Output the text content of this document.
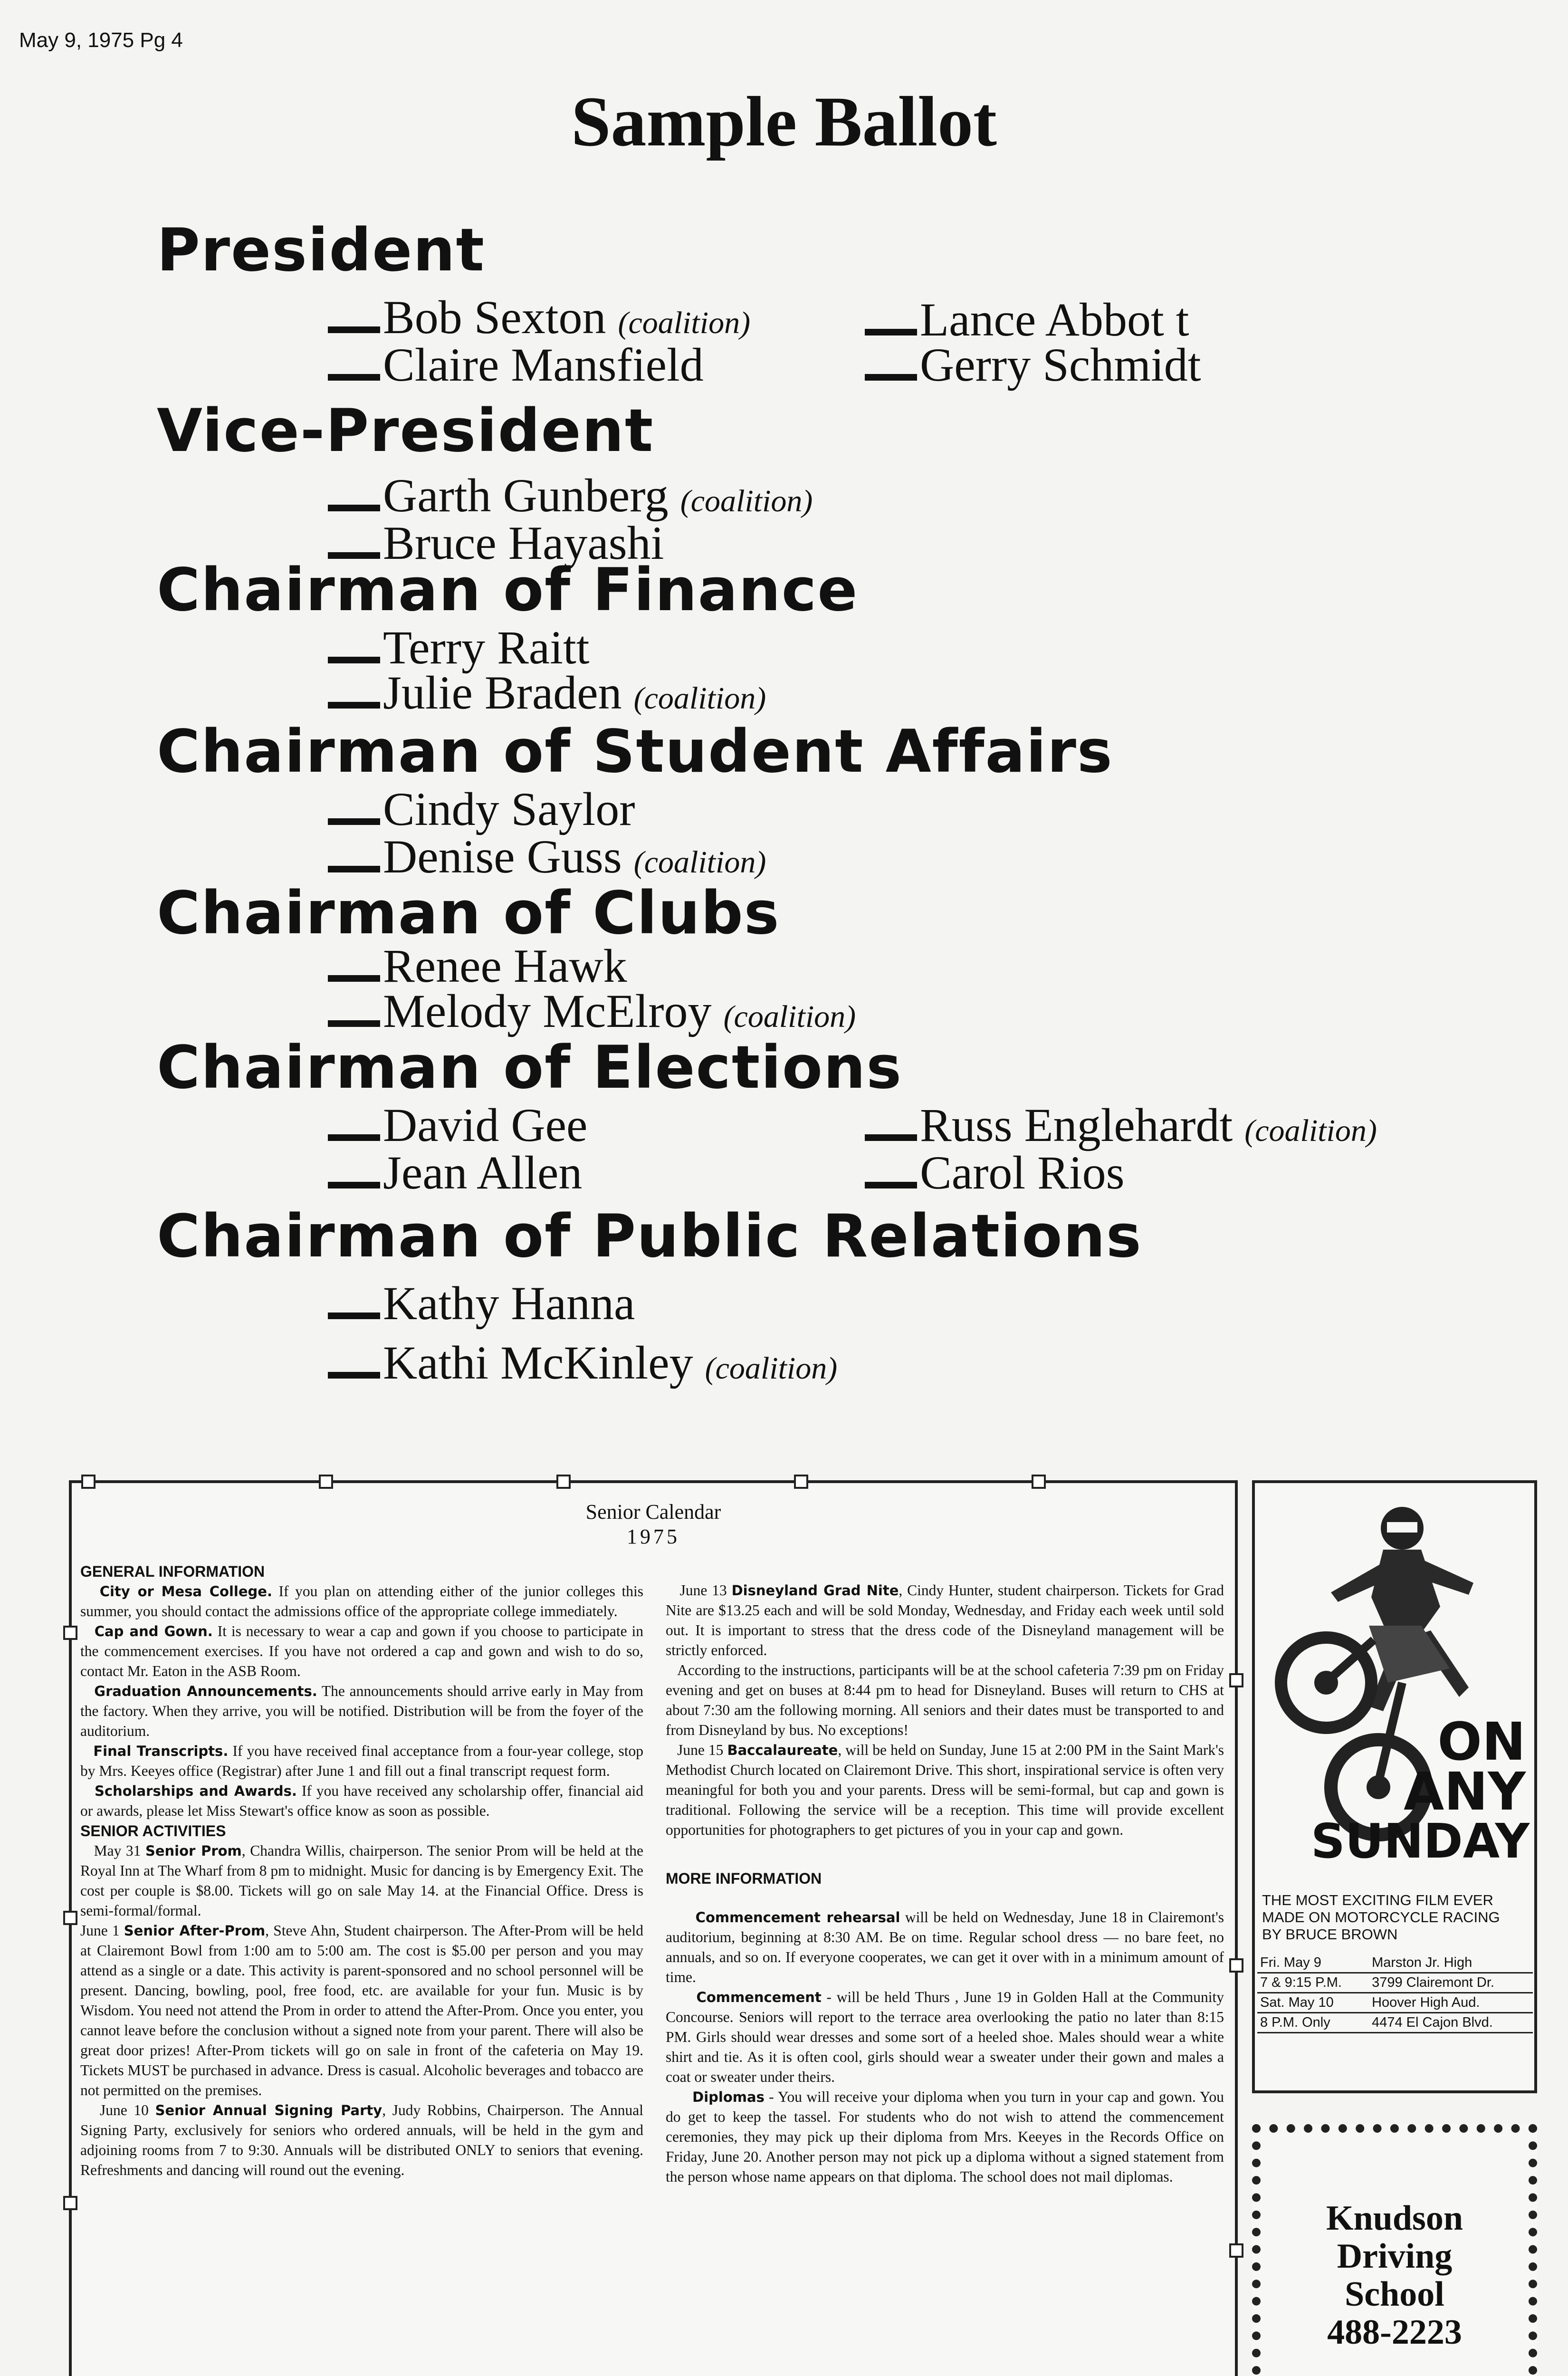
May 9, 1975 Pg 4
Sample Ballot
President
Bob Sexton (coalition)
Claire Mansfield
Lance Abbot t
Gerry Schmidt
Vice-President
Garth Gunberg (coalition)
Bruce Hayashi
Chairman of Finance
Terry Raitt
Julie Braden (coalition)
Chairman of Student Affairs
Cindy Saylor
Denise Guss (coalition)
Chairman of Clubs
Renee Hawk
Melody McElroy (coalition)
Chairman of Elections
David Gee
Jean Allen
Russ Englehardt (coalition)
Carol Rios
Chairman of Public Relations
Kathy Hanna
Kathi McKinley (coalition)
Senior Calendar
1975

GENERAL INFORMATION

City or Mesa College. If you plan on attending either of the junior colleges this summer, you should contact the admissions office of the appropriate college immediately.

Cap and Gown. It is necessary to wear a cap and gown if you choose to participate in the commencement exercises. If you have not ordered a cap and gown and wish to do so, contact Mr. Eaton in the ASB Room.

Graduation Announcements. The announcements should arrive early in May from the factory. When they arrive, you will be notified. Distribution will be from the foyer of the auditorium.

Final Transcripts. If you have received final acceptance from a four-year college, stop by Mrs. Keeyes office (Registrar) after June 1 and fill out a final transcript request form.

Scholarships and Awards. If you have received any scholarship offer, financial aid or awards, please let Miss Stewart's office know as soon as possible.

SENIOR ACTIVITIES

May 31 Senior Prom, Chandra Willis, chairperson. The senior Prom will be held at the Royal Inn at The Wharf from 8 pm to midnight. Music for dancing is by Emergency Exit. The cost per couple is $8.00. Tickets will go on sale May 14. at the Financial Office. Dress is semi-formal/formal.

June 1 Senior After-Prom, Steve Ahn, Student chairperson. The After-Prom will be held at Clairemont Bowl from 1:00 am to 5:00 am. The cost is $5.00 per person and you may attend as a single or a date. This activity is parent-sponsored and no school personnel will be present. Dancing, bowling, pool, free food, etc. are available for your fun. Music is by Wisdom. You need not attend the Prom in order to attend the After-Prom. Once you enter, you cannot leave before the conclusion without a signed note from your parent. There will also be great door prizes! After-Prom tickets will go on sale in front of the cafeteria on May 19. Tickets MUST be purchased in advance. Dress is casual. Alcoholic beverages and tobacco are not permitted on the premises.

June 10 Senior Annual Signing Party, Judy Robbins, Chairperson. The Annual Signing Party, exclusively for seniors who ordered annuals, will be held in the gym and adjoining rooms from 7 to 9:30. Annuals will be distributed ONLY to seniors that evening. Refreshments and dancing will round out the evening.

June 13 Disneyland Grad Nite, Cindy Hunter, student chairperson. Tickets for Grad Nite are $13.25 each and will be sold Monday, Wednesday, and Friday each week until sold out. It is important to stress that the dress code of the Disneyland management will be strictly enforced.

According to the instructions, participants will be at the school cafeteria 7:39 pm on Friday evening and get on buses at 8:44 pm to head for Disneyland. Buses will return to CHS at about 7:30 am the following morning. All seniors and their dates must be transported to and from Disneyland by bus. No exceptions!

June 15 Baccalaureate, will be held on Sunday, June 15 at 2:00 PM in the Saint Mark's Methodist Church located on Clairemont Drive. This short, inspirational service is often very meaningful for both you and your parents. Dress will be semi-formal, but cap and gown is traditional. Following the service will be a reception. This time will provide excellent opportunities for photographers to get pictures of you in your cap and gown.

MORE INFORMATION

Commencement rehearsal will be held on Wednesday, June 18 in Clairemont's auditorium, beginning at 8:30 AM. Be on time. Regular school dress — no bare feet, no annuals, and so on. If everyone cooperates, we can get it over with in a minimum amount of time.

Commencement - will be held Thurs , June 19 in Golden Hall at the Community Concourse. Seniors will report to the terrace area overlooking the patio no later than 8:15 PM. Girls should wear dresses and some sort of a heeled shoe. Males should wear a white shirt and tie. As it is often cool, girls should wear a sweater under their gown and males a coat or sweater under theirs.

Diplomas - You will receive your diploma when you turn in your cap and gown. You do get to keep the tassel. For students who do not wish to attend the commencement ceremonies, they may pick up their diploma from Mrs. Keeyes in the Records Office on Friday, June 20. Another person may not pick up a diploma without a signed statement from the person whose name appears on that diploma. The school does not mail diplomas.

ON
ANY
SUNDAY
THE MOST EXCITING FILM EVER MADE ON MOTORCYCLE RACING
BY BRUCE BROWN
Fri. May 9	Marston Jr. High
7 & 9:15 P.M.	3799 Clairemont Dr.
Sat. May 10	Hoover High Aud.
8 P.M. Only	4474 El Cajon Blvd.
Knudson
Driving
School
488-2223
